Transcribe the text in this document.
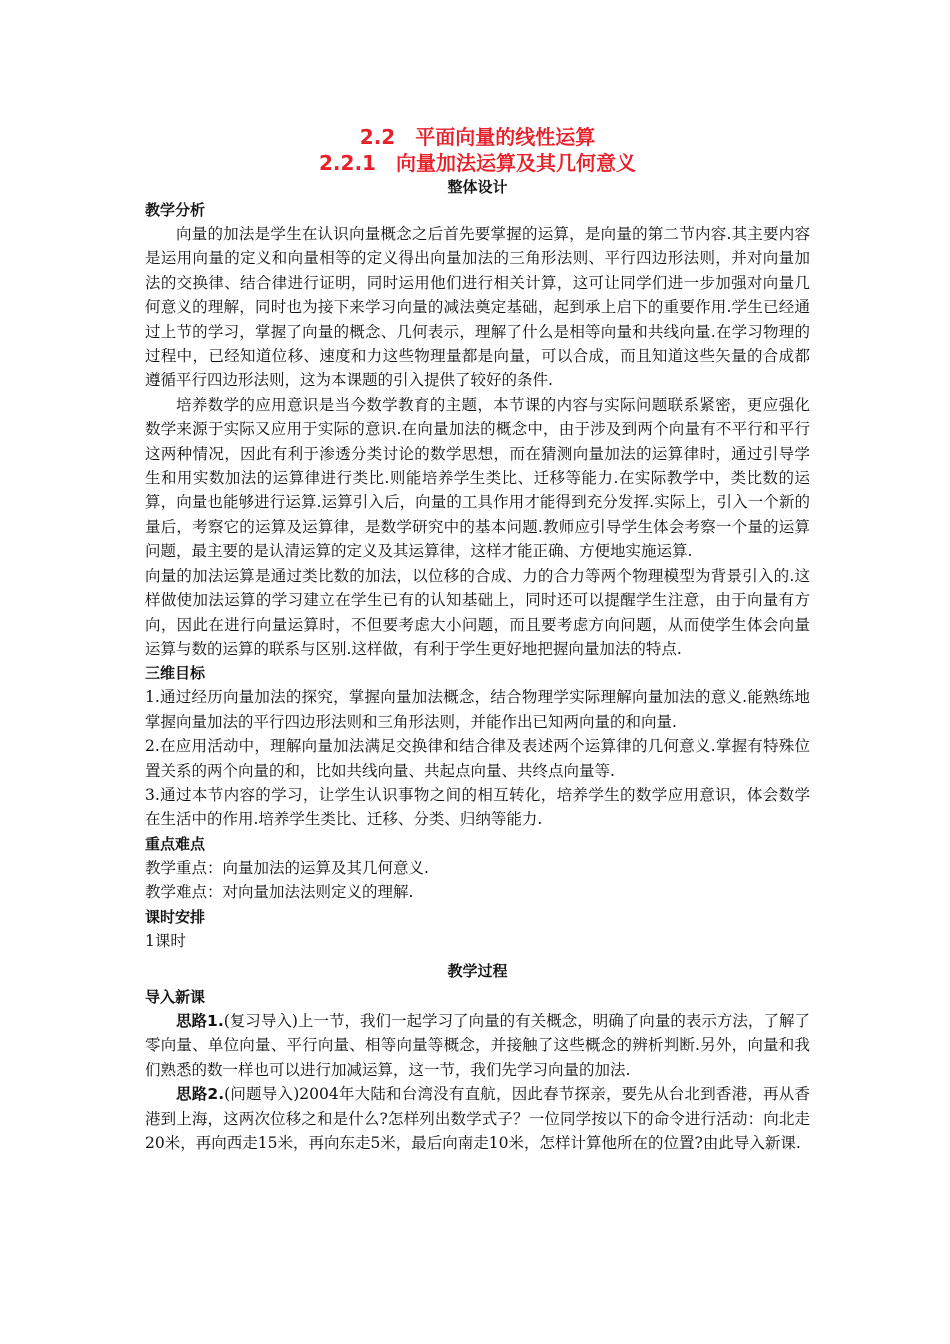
2.2　平面向量的线性运算
2.2.1　向量加法运算及其几何意义
整体设计
教学分析

向量的加法是学生在认识向量概念之后首先要掌握的运算，是向量的第二节内容.其主要内容是运用向量的定义和向量相等的定义得出向量加法的三角形法则、平行四边形法则，并对向量加法的交换律、结合律进行证明，同时运用他们进行相关计算，这可让同学们进一步加强对向量几何意义的理解，同时也为接下来学习向量的减法奠定基础，起到承上启下的重要作用.学生已经通过上节的学习，掌握了向量的概念、几何表示，理解了什么是相等向量和共线向量.在学习物理的过程中，已经知道位移、速度和力这些物理量都是向量，可以合成，而且知道这些矢量的合成都遵循平行四边形法则，这为本课题的引入提供了较好的条件.

培养数学的应用意识是当今数学教育的主题，本节课的内容与实际问题联系紧密，更应强化数学来源于实际又应用于实际的意识.在向量加法的概念中，由于涉及到两个向量有不平行和平行这两种情况，因此有利于渗透分类讨论的数学思想，而在猜测向量加法的运算律时，通过引导学生和用实数加法的运算律进行类比.则能培养学生类比、迁移等能力.在实际教学中，类比数的运算，向量也能够进行运算.运算引入后，向量的工具作用才能得到充分发挥.实际上，引入一个新的量后，考察它的运算及运算律，是数学研究中的基本问题.教师应引导学生体会考察一个量的运算问题，最主要的是认清运算的定义及其运算律，这样才能正确、方便地实施运算.

向量的加法运算是通过类比数的加法，以位移的合成、力的合力等两个物理模型为背景引入的.这样做使加法运算的学习建立在学生已有的认知基础上，同时还可以提醒学生注意，由于向量有方向，因此在进行向量运算时，不但要考虑大小问题，而且要考虑方向问题，从而使学生体会向量运算与数的运算的联系与区别.这样做，有利于学生更好地把握向量加法的特点.

三维目标

1.通过经历向量加法的探究，掌握向量加法概念，结合物理学实际理解向量加法的意义.能熟练地掌握向量加法的平行四边形法则和三角形法则，并能作出已知两向量的和向量.

2.在应用活动中，理解向量加法满足交换律和结合律及表述两个运算律的几何意义.掌握有特殊位置关系的两个向量的和，比如共线向量、共起点向量、共终点向量等.

3.通过本节内容的学习，让学生认识事物之间的相互转化，培养学生的数学应用意识，体会数学在生活中的作用.培养学生类比、迁移、分类、归纳等能力.

重点难点

教学重点：向量加法的运算及其几何意义.

教学难点：对向量加法法则定义的理解.

课时安排

1课时

教学过程
导入新课

思路1.(复习导入)上一节，我们一起学习了向量的有关概念，明确了向量的表示方法，了解了零向量、单位向量、平行向量、相等向量等概念，并接触了这些概念的辨析判断.另外，向量和我们熟悉的数一样也可以进行加减运算，这一节，我们先学习向量的加法.

思路2.(问题导入)2004年大陆和台湾没有直航，因此春节探亲，要先从台北到香港，再从香港到上海，这两次位移之和是什么?怎样列出数学式子？一位同学按以下的命令进行活动：向北走20米，再向西走15米，再向东走5米，最后向南走10米，怎样计算他所在的位置?由此导入新课.
